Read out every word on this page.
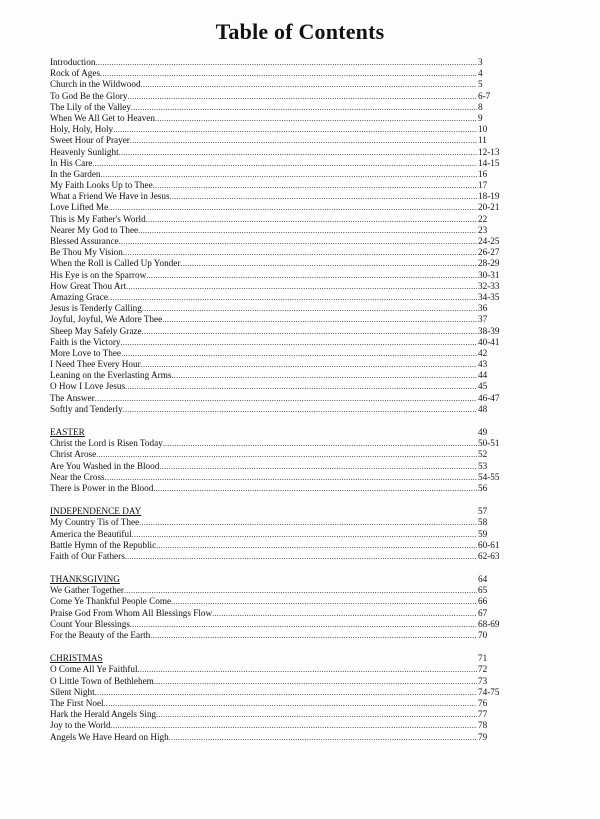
Table of Contents
Introduction .....	3
Rock of Ages .....	4
Church in the Wildwood .....	5
To God Be the Glory .....	6-7
The Lily of the Valley .....	8
When We All Get to Heaven .....	9
Holy, Holy, Holy .....	10
Sweet Hour of Prayer .....	11
Heavenly Sunlight .....	12-13
In His Care .....	14-15
In the Garden .....	16
My Faith Looks Up to Thee .....	17
What a Friend We Have in Jesus .....	18-19
Love Lifted Me .....	20-21
This is My Father's World .....	22
Nearer My God to Thee .....	23
Blessed Assurance .....	24-25
Be Thou My Vision .....	26-27
When the Roll is Called Up Yonder .....	28-29
His Eye is on the Sparrow .....	30-31
How Great Thou Art .....	32-33
Amazing Grace .....	34-35
Jesus is Tenderly Calling .....	36
Joyful, Joyful, We Adore Thee .....	37
Sheep May Safely Graze .....	38-39
Faith is the Victory .....	40-41
More Love to Thee .....	42
I Need Thee Every Hour .....	43
Leaning on the Everlasting Arms .....	44
O How I Love Jesus .....	45
The Answer .....	46-47
Softly and Tenderly .....	48
EASTER	49
Christ the Lord is Risen Today .....	50-51
Christ Arose .....	52
Are You Washed in the Blood .....	53
Near the Cross .....	54-55
There is Power in the Blood .....	56
INDEPENDENCE DAY	57
My Country Tis of Thee .....	58
America the Beautiful .....	59
Battle Hymn of the Republic .....	60-61
Faith of Our Fathers .....	62-63
THANKSGIVING	64
We Gather Together .....	65
Come Ye Thankful People Come .....	66
Praise God From Whom All Blessings Flow .....	67
Count Your Blessings .....	68-69
For the Beauty of the Earth .....	70
CHRISTMAS	71
O Come All Ye Faithful .....	72
O Little Town of Bethlehem .....	73
Silent Night .....	74-75
The First Noel .....	76
Hark the Herald Angels Sing .....	77
Joy to the World .....	78
Angels We Have Heard on High .....	79
